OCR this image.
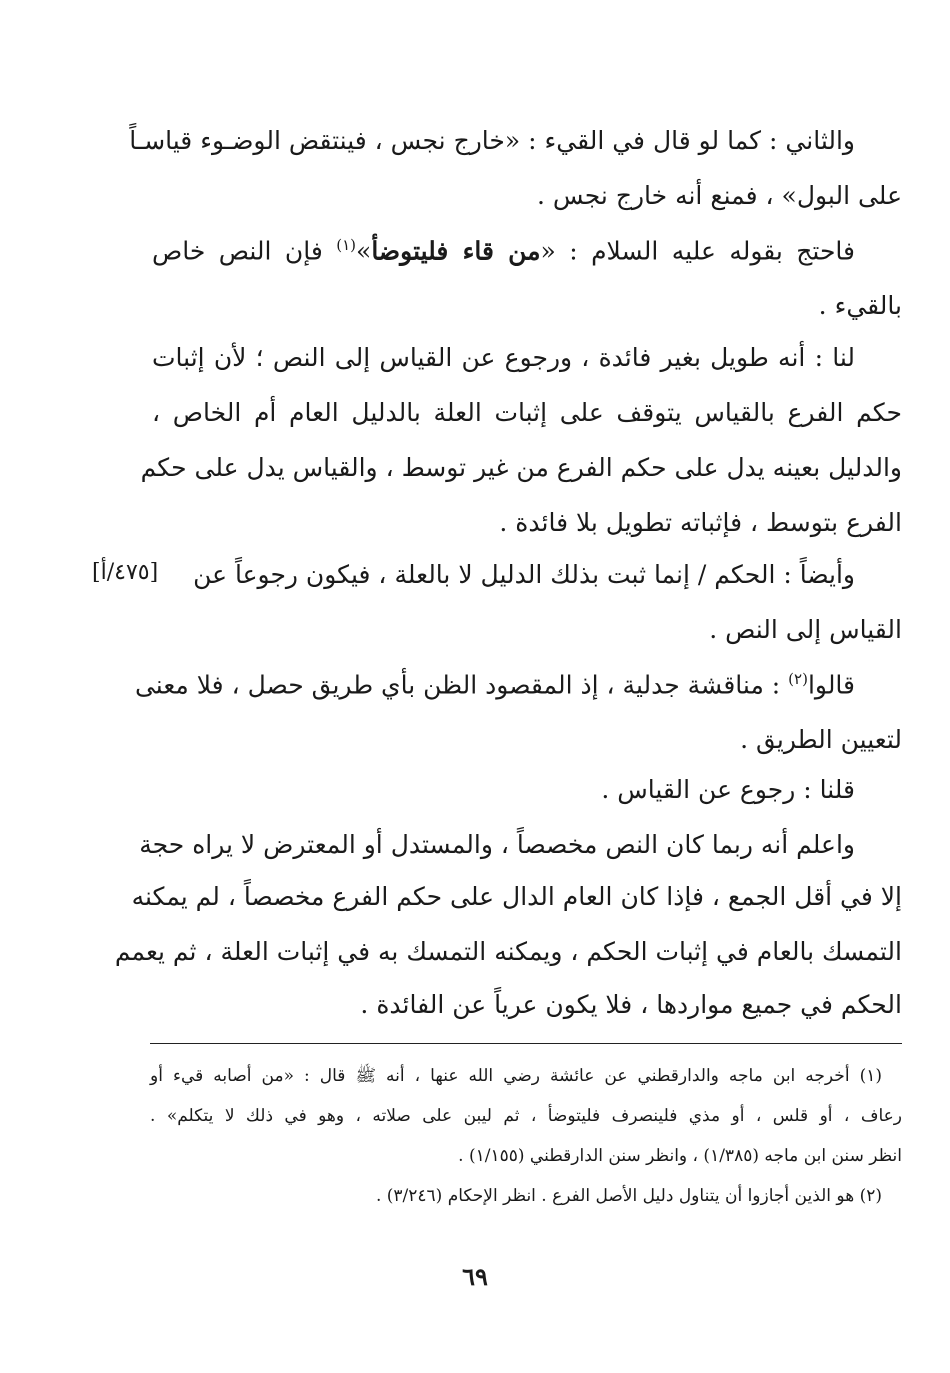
والثاني : كما لو قال في القيء : «خارج نجس ، فينتقض الوضـوء قياسـاً
على البول» ، فمنع أنه خارج نجس .
فاحتج بقوله عليه السلام : «من قاء فليتوضأ»$^{(١)}$ فإن النص خاص
بالقيء .
لنا : أنه طويل بغير فائدة ، ورجوع عن القياس إلى النص ؛ لأن إثبات
حكم الفرع بالقياس يتوقف على إثبات العلة بالدليل العام أم الخاص ،
والدليل بعينه يدل على حكم الفرع من غير توسط ، والقياس يدل على حكم
الفرع بتوسط ، فإثباته تطويل بلا فائدة .
وأيضاً : الحكم / إنما ثبت بذلك الدليل لا بالعلة ، فيكون رجوعاً عن
[٤٧٥/أ]
القياس إلى النص .
قالوا$^{(٢)}$ : مناقشة جدلية ، إذ المقصود الظن بأي طريق حصل ، فلا معنى
لتعيين الطريق .
قلنا : رجوع عن القياس .
واعلم أنه ربما كان النص مخصصاً ، والمستدل أو المعترض لا يراه حجة
إلا في أقل الجمع ، فإذا كان العام الدال على حكم الفرع مخصصاً ، لم يمكنه
التمسك بالعام في إثبات الحكم ، ويمكنه التمسك به في إثبات العلة ، ثم يعمم
الحكم في جميع مواردها ، فلا يكون عرياً عن الفائدة .
(١) أخرجه ابن ماجه والدارقطني عن عائشة رضي الله عنها ، أنه ﷺ قال : «من أصابه قيء أو
رعاف ، أو قلس ، أو مذي فلينصرف فليتوضأ ، ثم ليبن على صلاته ، وهو في ذلك لا يتكلم» .
انظر سنن ابن ماجه (١/٣٨٥) ، وانظر سنن الدارقطني (١/١٥٥) .
(٢) هو الذين أجازوا أن يتناول دليل الأصل الفرع . انظر الإحكام (٣/٢٤٦) .
٦٩
